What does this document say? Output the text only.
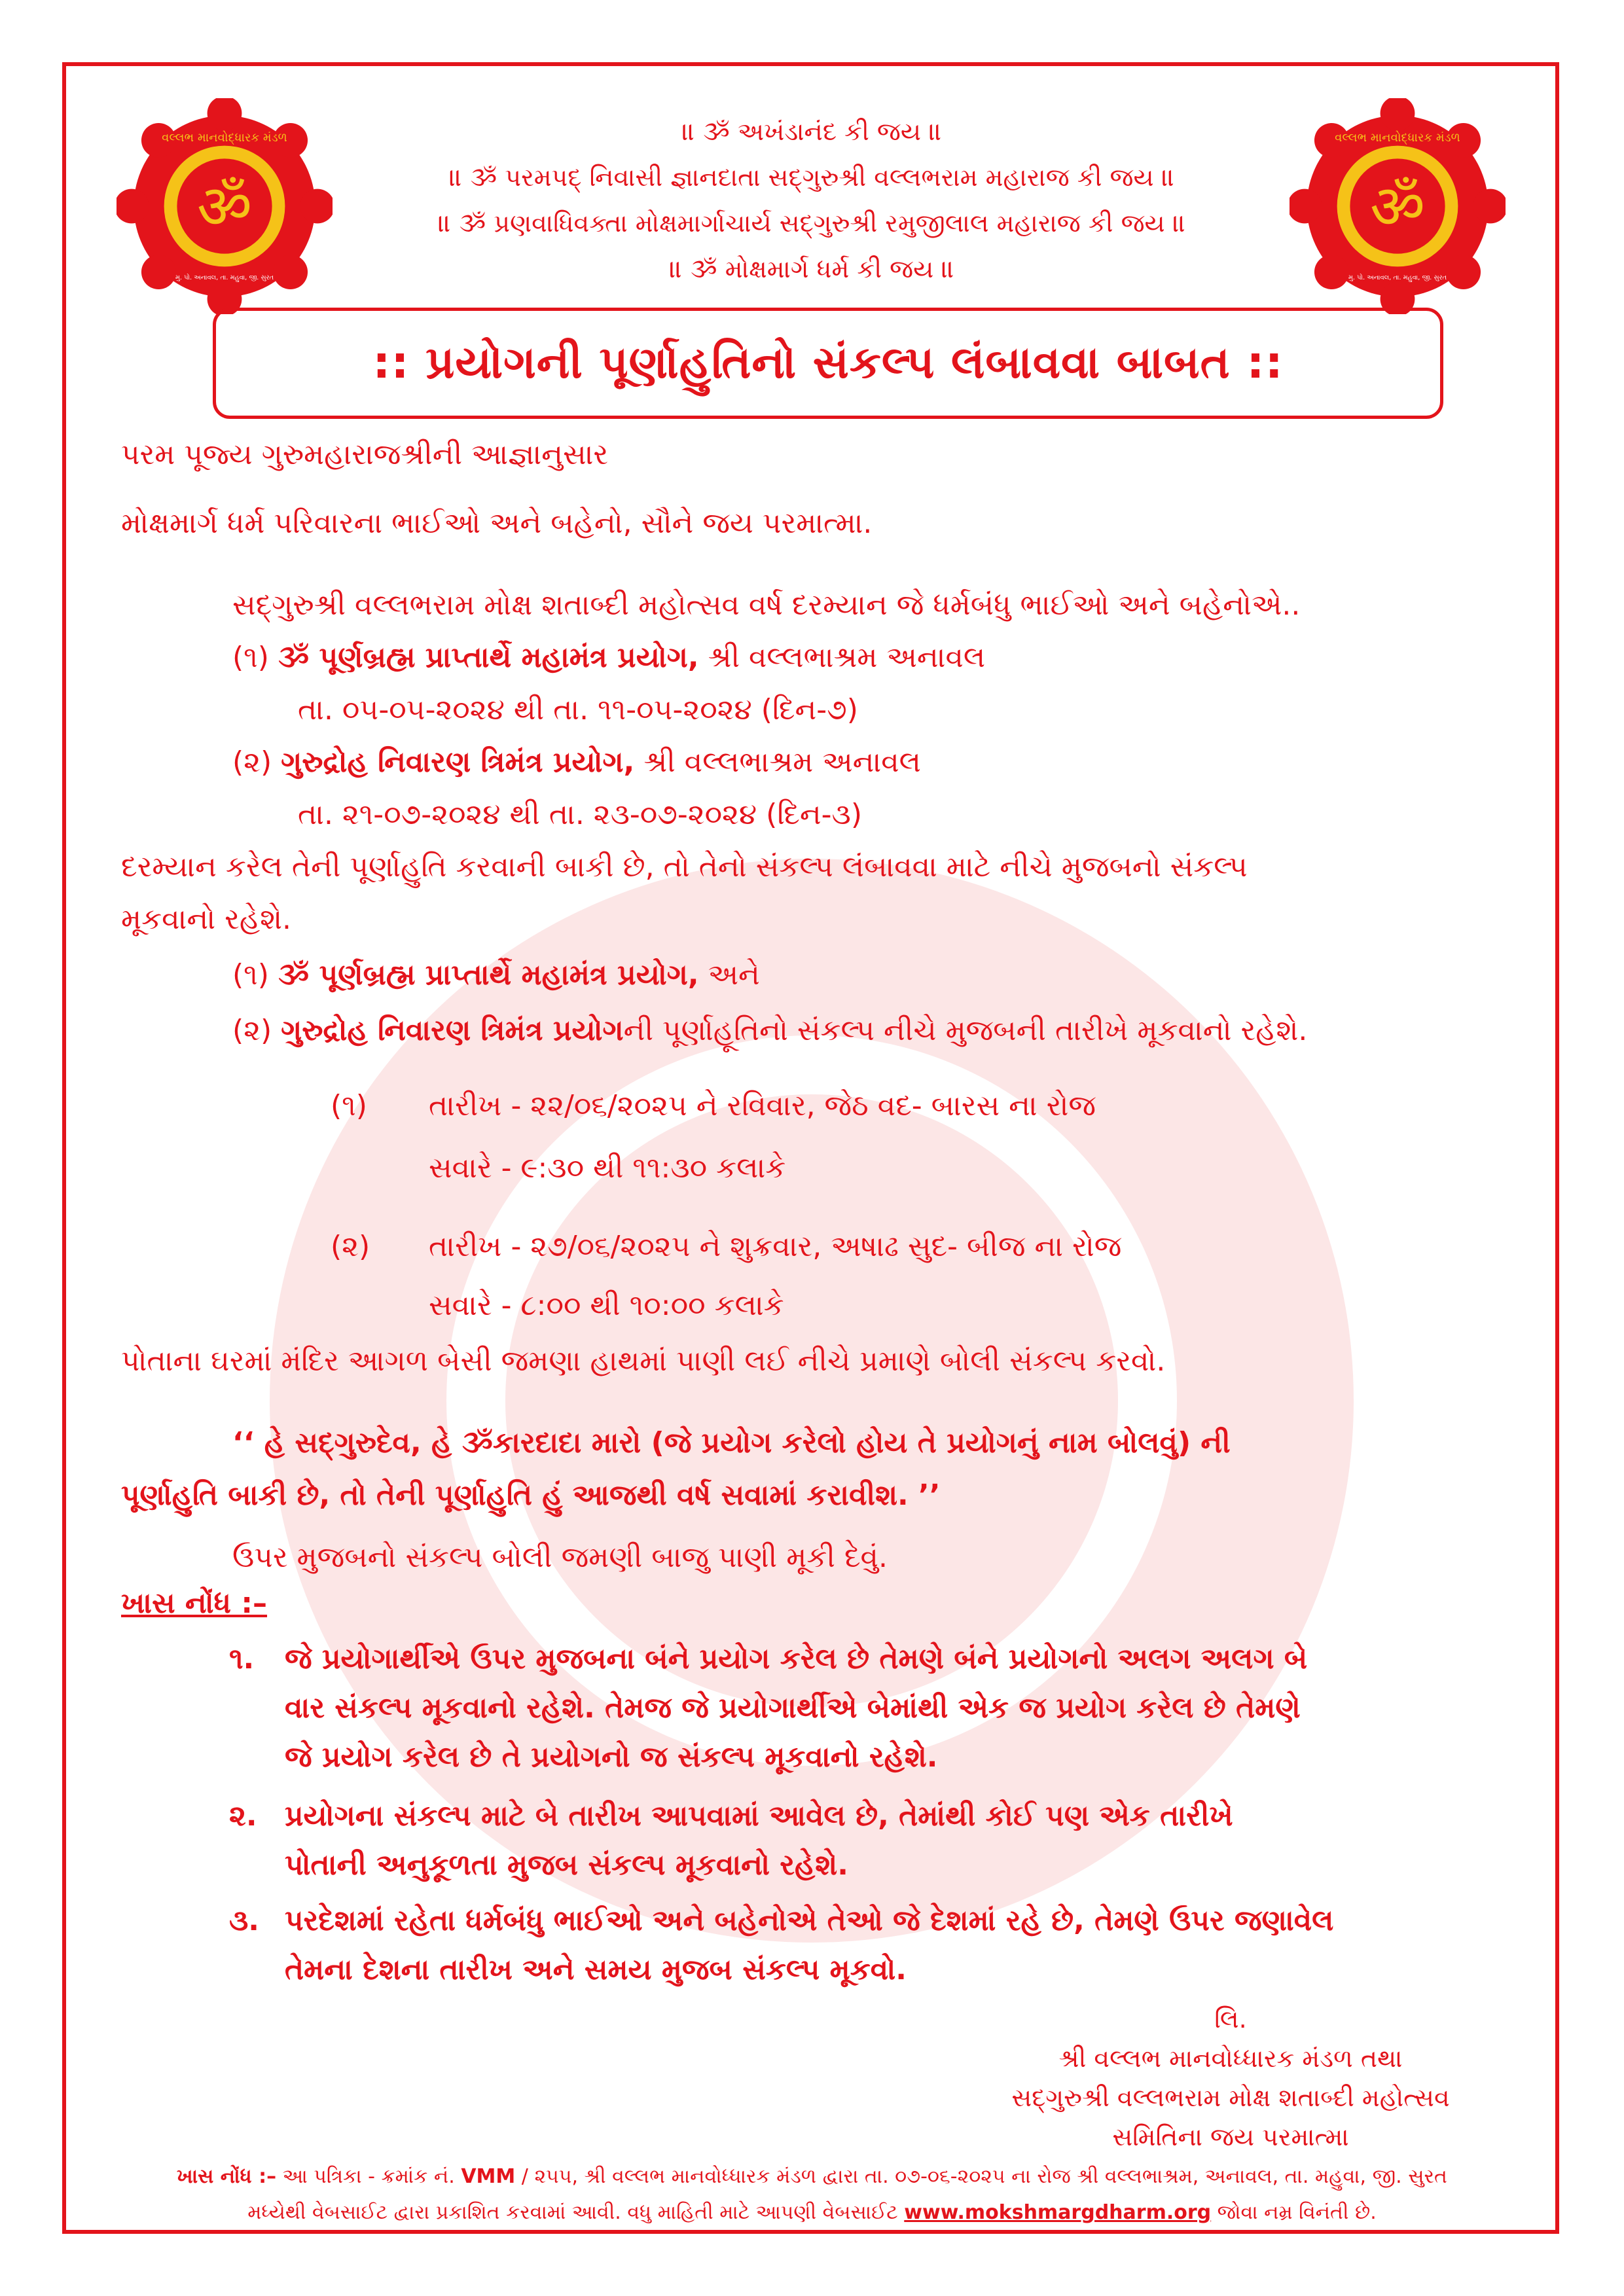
ॐ
વલ્લભ માનવોદ્ધારક મંડળ
મુ. પો. અનાવલ, તા. મહુવા, જી. સુરત
ॐ
વલ્લભ માનવોદ્ધારક મંડળ
મુ. પો. અનાવલ, તા. મહુવા, જી. સુરત
॥ ૐ અખંડાનંદ કી જય ॥
॥ ૐ પરમપદ્ નિવાસી જ્ઞાનદાતા સદ્ગુરુશ્રી વલ્લભરામ મહારાજ કી જય ॥
॥ ૐ પ્રણવાધિવક્તા મોક્ષમાર્ગાચાર્ય સદ્ગુરુશ્રી રમુજીલાલ મહારાજ કી જય ॥
॥ ૐ મોક્ષમાર્ગ ધર્મ કી જય ॥
:: પ્રયોગની પૂર્ણાહુતિનો સંકલ્પ લંબાવવા બાબત ::
પરમ પૂજ્ય ગુરુમહારાજશ્રીની આજ્ઞાનુસાર
મોક્ષમાર્ગ ધર્મ પરિવારના ભાઈઓ અને બહેનો, સૌને જય પરમાત્મા.
સદ્ગુરુશ્રી વલ્લભરામ મોક્ષ શતાબ્દી મહોત્સવ વર્ષ દરમ્યાન જે ધર્મબંધુ ભાઈઓ અને બહેનોએ..
(૧) ૐ પૂર્ણબ્રહ્મ પ્રાપ્તાર્થે મહામંત્ર પ્રયોગ, શ્રી વલ્લભાશ્રમ અનાવલ
તા. ૦૫-૦૫-૨૦૨૪ થી તા. ૧૧-૦૫-૨૦૨૪ (દિન-૭)
(૨) ગુરુદ્રોહ નિવારણ ત્રિમંત્ર પ્રયોગ, શ્રી વલ્લભાશ્રમ અનાવલ
તા. ૨૧-૦૭-૨૦૨૪ થી તા. ૨૩-૦૭-૨૦૨૪ (દિન-૩)
દરમ્યાન કરેલ તેની પૂર્ણાહુતિ કરવાની બાકી છે, તો તેનો સંકલ્પ લંબાવવા માટે નીચે મુજબનો સંકલ્પ
મૂકવાનો રહેશે.
(૧) ૐ પૂર્ણબ્રહ્મ પ્રાપ્તાર્થે મહામંત્ર પ્રયોગ, અને
(૨) ગુરુદ્રોહ નિવારણ ત્રિમંત્ર પ્રયોગની પૂર્ણાહૂતિનો સંકલ્પ નીચે મુજબની તારીખે મૂકવાનો રહેશે.
(૧) તારીખ - ૨૨/૦૬/૨૦૨૫ ને રવિવાર, જેઠ વદ- બારસ ના રોજ
સવારે - ૯:૩૦ થી ૧૧:૩૦ કલાકે
(૨) તારીખ - ૨૭/૦૬/૨૦૨૫ ને શુક્રવાર, અષાઢ સુદ- બીજ ના રોજ
સવારે - ૮:૦૦ થી ૧૦:૦૦ કલાકે
પોતાના ઘરમાં મંદિર આગળ બેસી જમણા હાથમાં પાણી લઈ નીચે પ્રમાણે બોલી સંકલ્પ કરવો.
‘‘ હે સદ્ગુરુદેવ, હે ૐકારદાદા મારો (જે પ્રયોગ કરેલો હોય તે પ્રયોગનું નામ બોલવું) ની
પૂર્ણાહુતિ બાકી છે, તો તેની પૂર્ણાહુતિ હું આજથી વર્ષ સવામાં કરાવીશ. ’’
ઉપર મુજબનો સંકલ્પ બોલી જમણી બાજુ પાણી મૂકી દેવું.
ખાસ નોંધ :–
૧. જે પ્રયોગાર્થીએ ઉપર મુજબના બંને પ્રયોગ કરેલ છે તેમણે બંને પ્રયોગનો અલગ અલગ બે
વાર સંકલ્પ મૂકવાનો રહેશે. તેમજ જે પ્રયોગાર્થીએ બેમાંથી એક જ પ્રયોગ કરેલ છે તેમણે
જે પ્રયોગ કરેલ છે તે પ્રયોગનો જ સંકલ્પ મૂકવાનો રહેશે.
૨. પ્રયોગના સંકલ્પ માટે બે તારીખ આપવામાં આવેલ છે, તેમાંથી કોઈ પણ એક તારીખે
પોતાની અનુકૂળતા મુજબ સંકલ્પ મૂકવાનો રહેશે.
૩. પરદેશમાં રહેતા ધર્મબંધુ ભાઈઓ અને બહેનોએ તેઓ જે દેશમાં રહે છે, તેમણે ઉપર જણાવેલ
તેમના દેશના તારીખ અને સમય મુજબ સંકલ્પ મૂકવો.
લિ.
શ્રી વલ્લભ માનવોધ્ધારક મંડળ તથા
સદ્ગુરુશ્રી વલ્લભરામ મોક્ષ શતાબ્દી મહોત્સવ
સમિતિના જય પરમાત્મા
ખાસ નોંધ :– આ પત્રિકા - ક્રમાંક નં. VMM / ૨૫૫, શ્રી વલ્લભ માનવોધ્ધારક મંડળ દ્વારા તા. ૦૭-૦૬-૨૦૨૫ ના રોજ શ્રી વલ્લભાશ્રમ, અનાવલ, તા. મહુવા, જી. સુરત
મધ્યેથી વેબસાઈટ દ્વારા પ્રકાશિત કરવામાં આવી. વધુ માહિતી માટે આપણી વેબસાઈટ www.mokshmargdharm.org જોવા નમ્ર વિનંતી છે.
